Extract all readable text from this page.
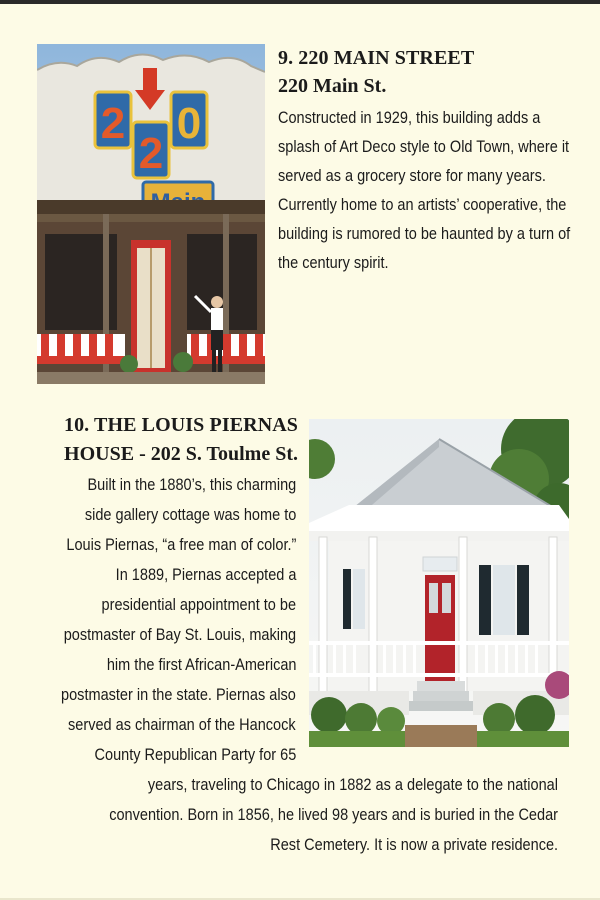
2
2
0

9. 220 MAIN STREET

220 Main St.

Constructed in 1929, this building adds a splash of Art Deco style to Old Town, where it served as a grocery store for many years. Currently home to an artists’ cooperative, the building is rumored to be haunted by a turn of the century spirit.

10. THE LOUIS PIERNAS

HOUSE - 202 S. Toulme St.

Built in the 1880’s, this charming
side gallery cottage was home to
Louis Piernas, “a free man of color.”
In 1889, Piernas accepted a
presidential appointment to be
postmaster of Bay St. Louis, making
him the first African-American
postmaster in the state. Piernas also
served as chairman of the Hancock
County Republican Party for 65
years, traveling to Chicago in 1882 as a delegate to the national
convention. Born in 1856, he lived 98 years and is buried in the Cedar
Rest Cemetery. It is now a private residence.
